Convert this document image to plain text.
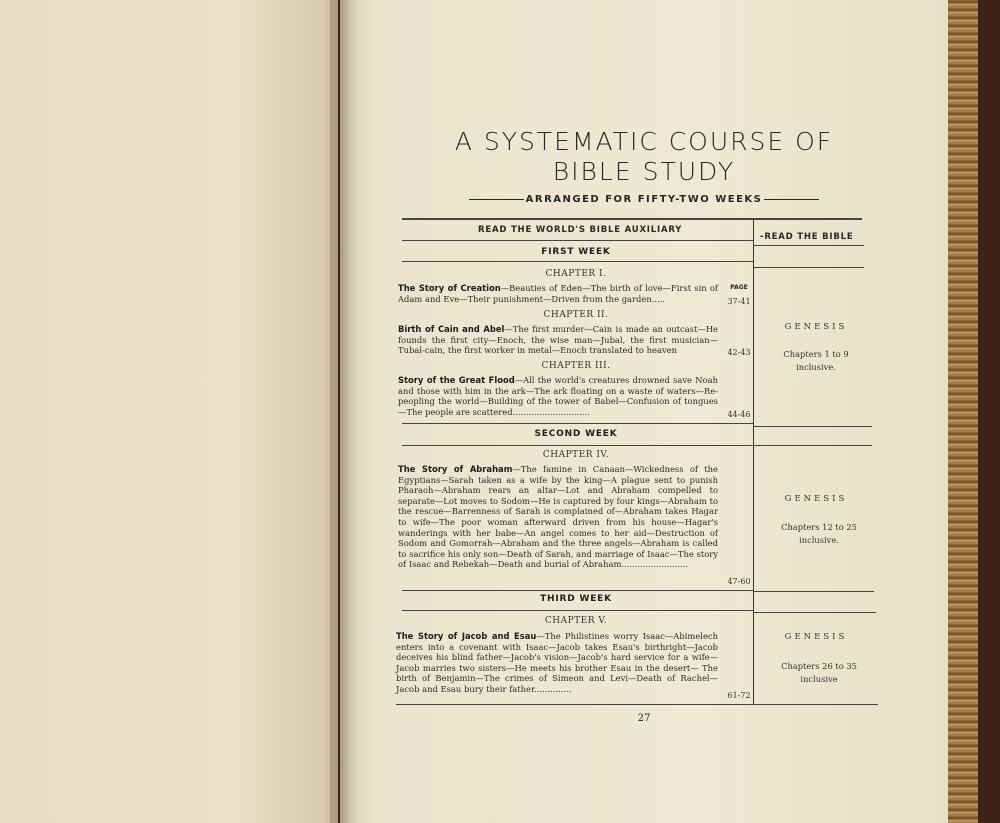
A SYSTEMATIC COURSE OF
BIBLE STUDY
ARRANGED FOR FIFTY-TWO WEEKS
READ THE WORLD'S BIBLE AUXILIARY
-READ THE BIBLE
FIRST WEEK
CHAPTER I.
PAGE
The Story of Creation—Beauties of Eden—The birth of love—First sin of Adam and Eve—Their punishment—Driven from the garden.....	37-41
CHAPTER II.
Birth of Cain and Abel—The first murder—Cain is made an outcast—He founds the first city—Enoch, the wise man—Jubal, the first musician—Tubal-cain, the first worker in metal—Enoch translated to heaven	42-43
CHAPTER III.
Story of the Great Flood—All the world's creatures drowned save Noah and those with him in the ark—The ark floating on a waste of waters—Re-peopling the world—Building of the tower of Babel—Confusion of tongues—The people are scattered.............................	44-46
GENESIS
Chapters 1 to 9 inclusive.
SECOND WEEK
CHAPTER IV.
The Story of Abraham—The famine in Canaan—Wickedness of the Egyptians—Sarah taken as a wife by the king—A plague sent to punish Pharaoh—Abraham rears an altar—Lot and Abraham compelled to separate—Lot moves to Sodom—He is captured by four kings—Abraham to the rescue—Barrenness of Sarah is complained of—Abraham takes Hagar to wife—The poor woman afterward driven from his house—Hagar's wanderings with her babe—An angel comes to her aid—Destruction of Sodom and Gomorrah—Abraham and the three angels—Abraham is called to sacrifice his only son—Death of Sarah, and marriage of Isaac—The story of Isaac and Rebekah—Death and burial of Abraham.........................
47-60
GENESIS
Chapters 12 to 25 inclusive.
THIRD WEEK
CHAPTER V.
The Story of Jacob and Esau—The Philistines worry Isaac—Abimelech enters into a covenant with Isaac—Jacob takes Esau's birthright—Jacob deceives his blind father—Jacob's vision—Jacob's hard service for a wife—Jacob marries two sisters—He meets his brother Esau in the desert— The birth of Benjamin—The crimes of Simeon and Levi—Death of Rachel—Jacob and Esau bury their father..............
61-72
GENESIS
Chapters 26 to 35 inclusive
27
